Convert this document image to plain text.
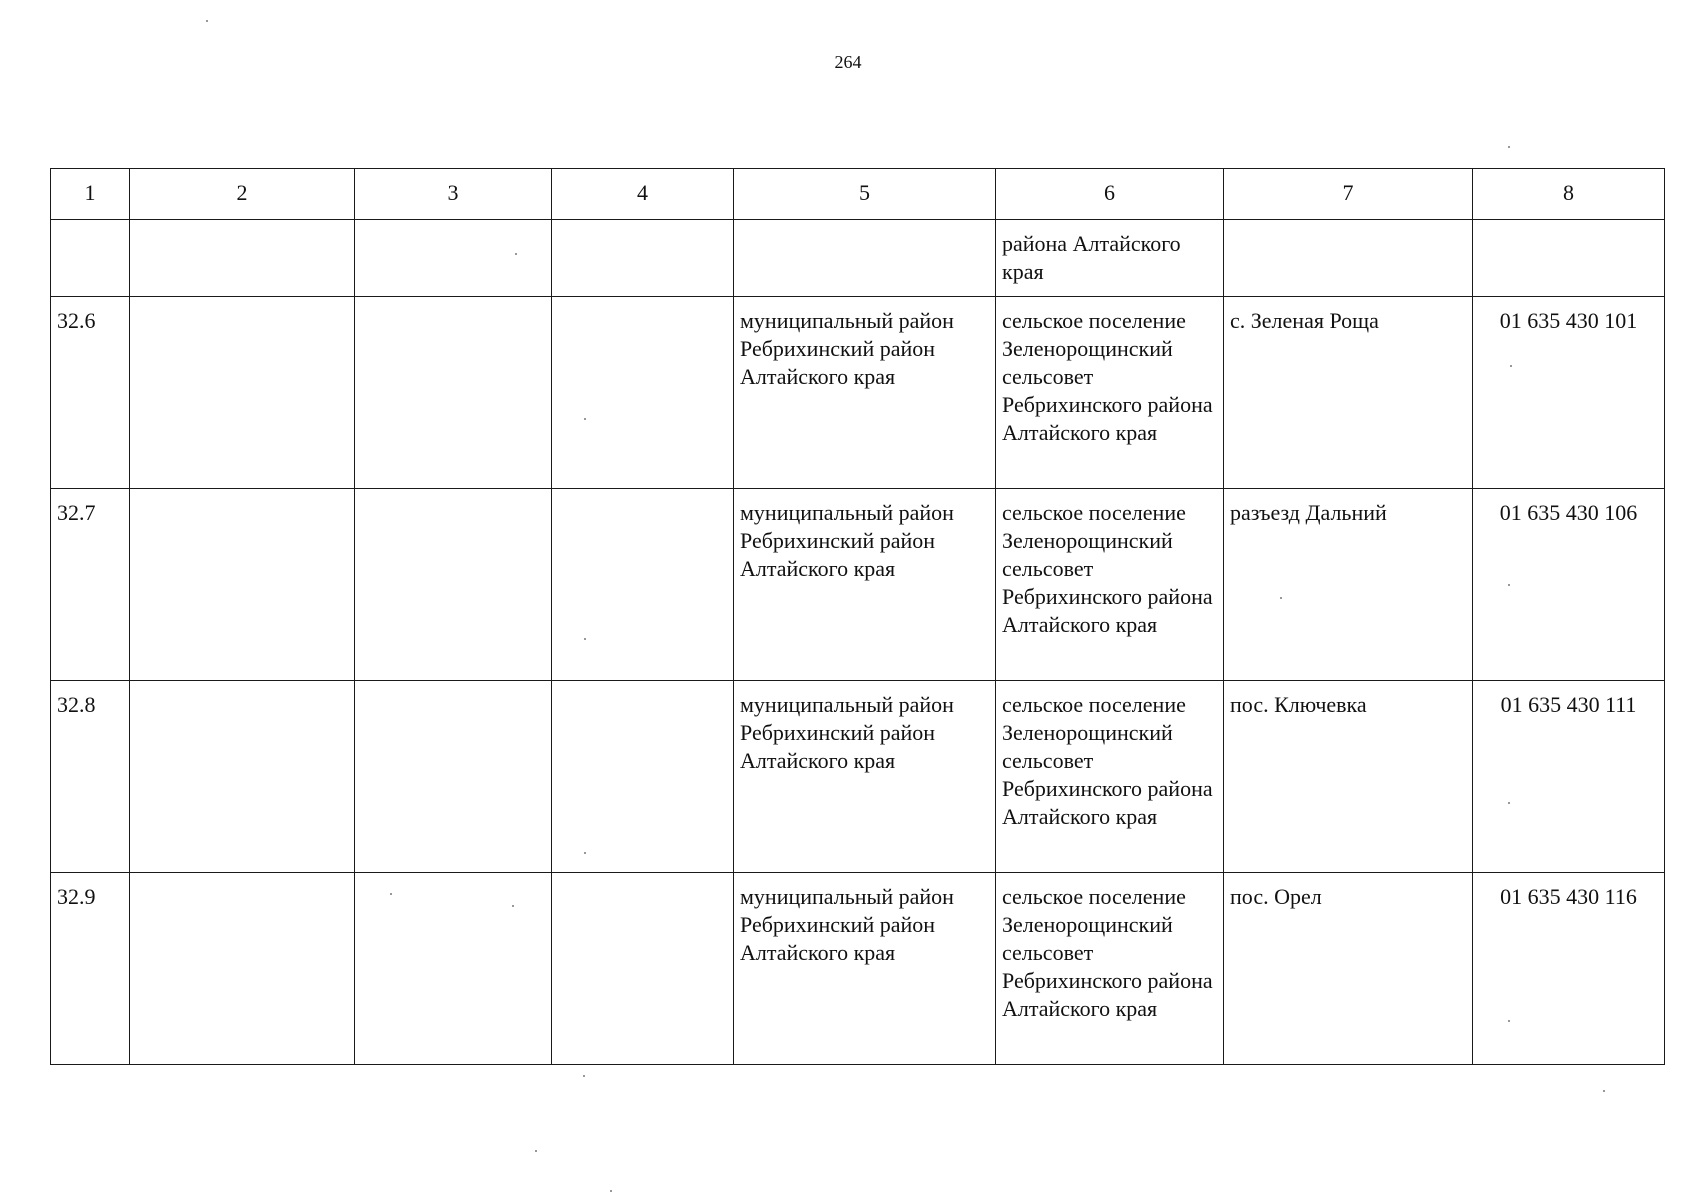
264
1	2	3	4	5	6	7	8
					района Алтайского края		
32.6				муниципальный район Ребрихинский район Алтайского края	сельское поселение Зеленорощинский сельсовет Ребрихинского района Алтайского края	с. Зеленая Роща	01 635 430 101
32.7				муниципальный район Ребрихинский район Алтайского края	сельское поселение Зеленорощинский сельсовет Ребрихинского района Алтайского края	разъезд Дальний	01 635 430 106
32.8				муниципальный район Ребрихинский район Алтайского края	сельское поселение Зеленорощинский сельсовет Ребрихинского района Алтайского края	пос. Ключевка	01 635 430 111
32.9				муниципальный район Ребрихинский район Алтайского края	сельское поселение Зеленорощинский сельсовет Ребрихинского района Алтайского края	пос. Орел	01 635 430 116
